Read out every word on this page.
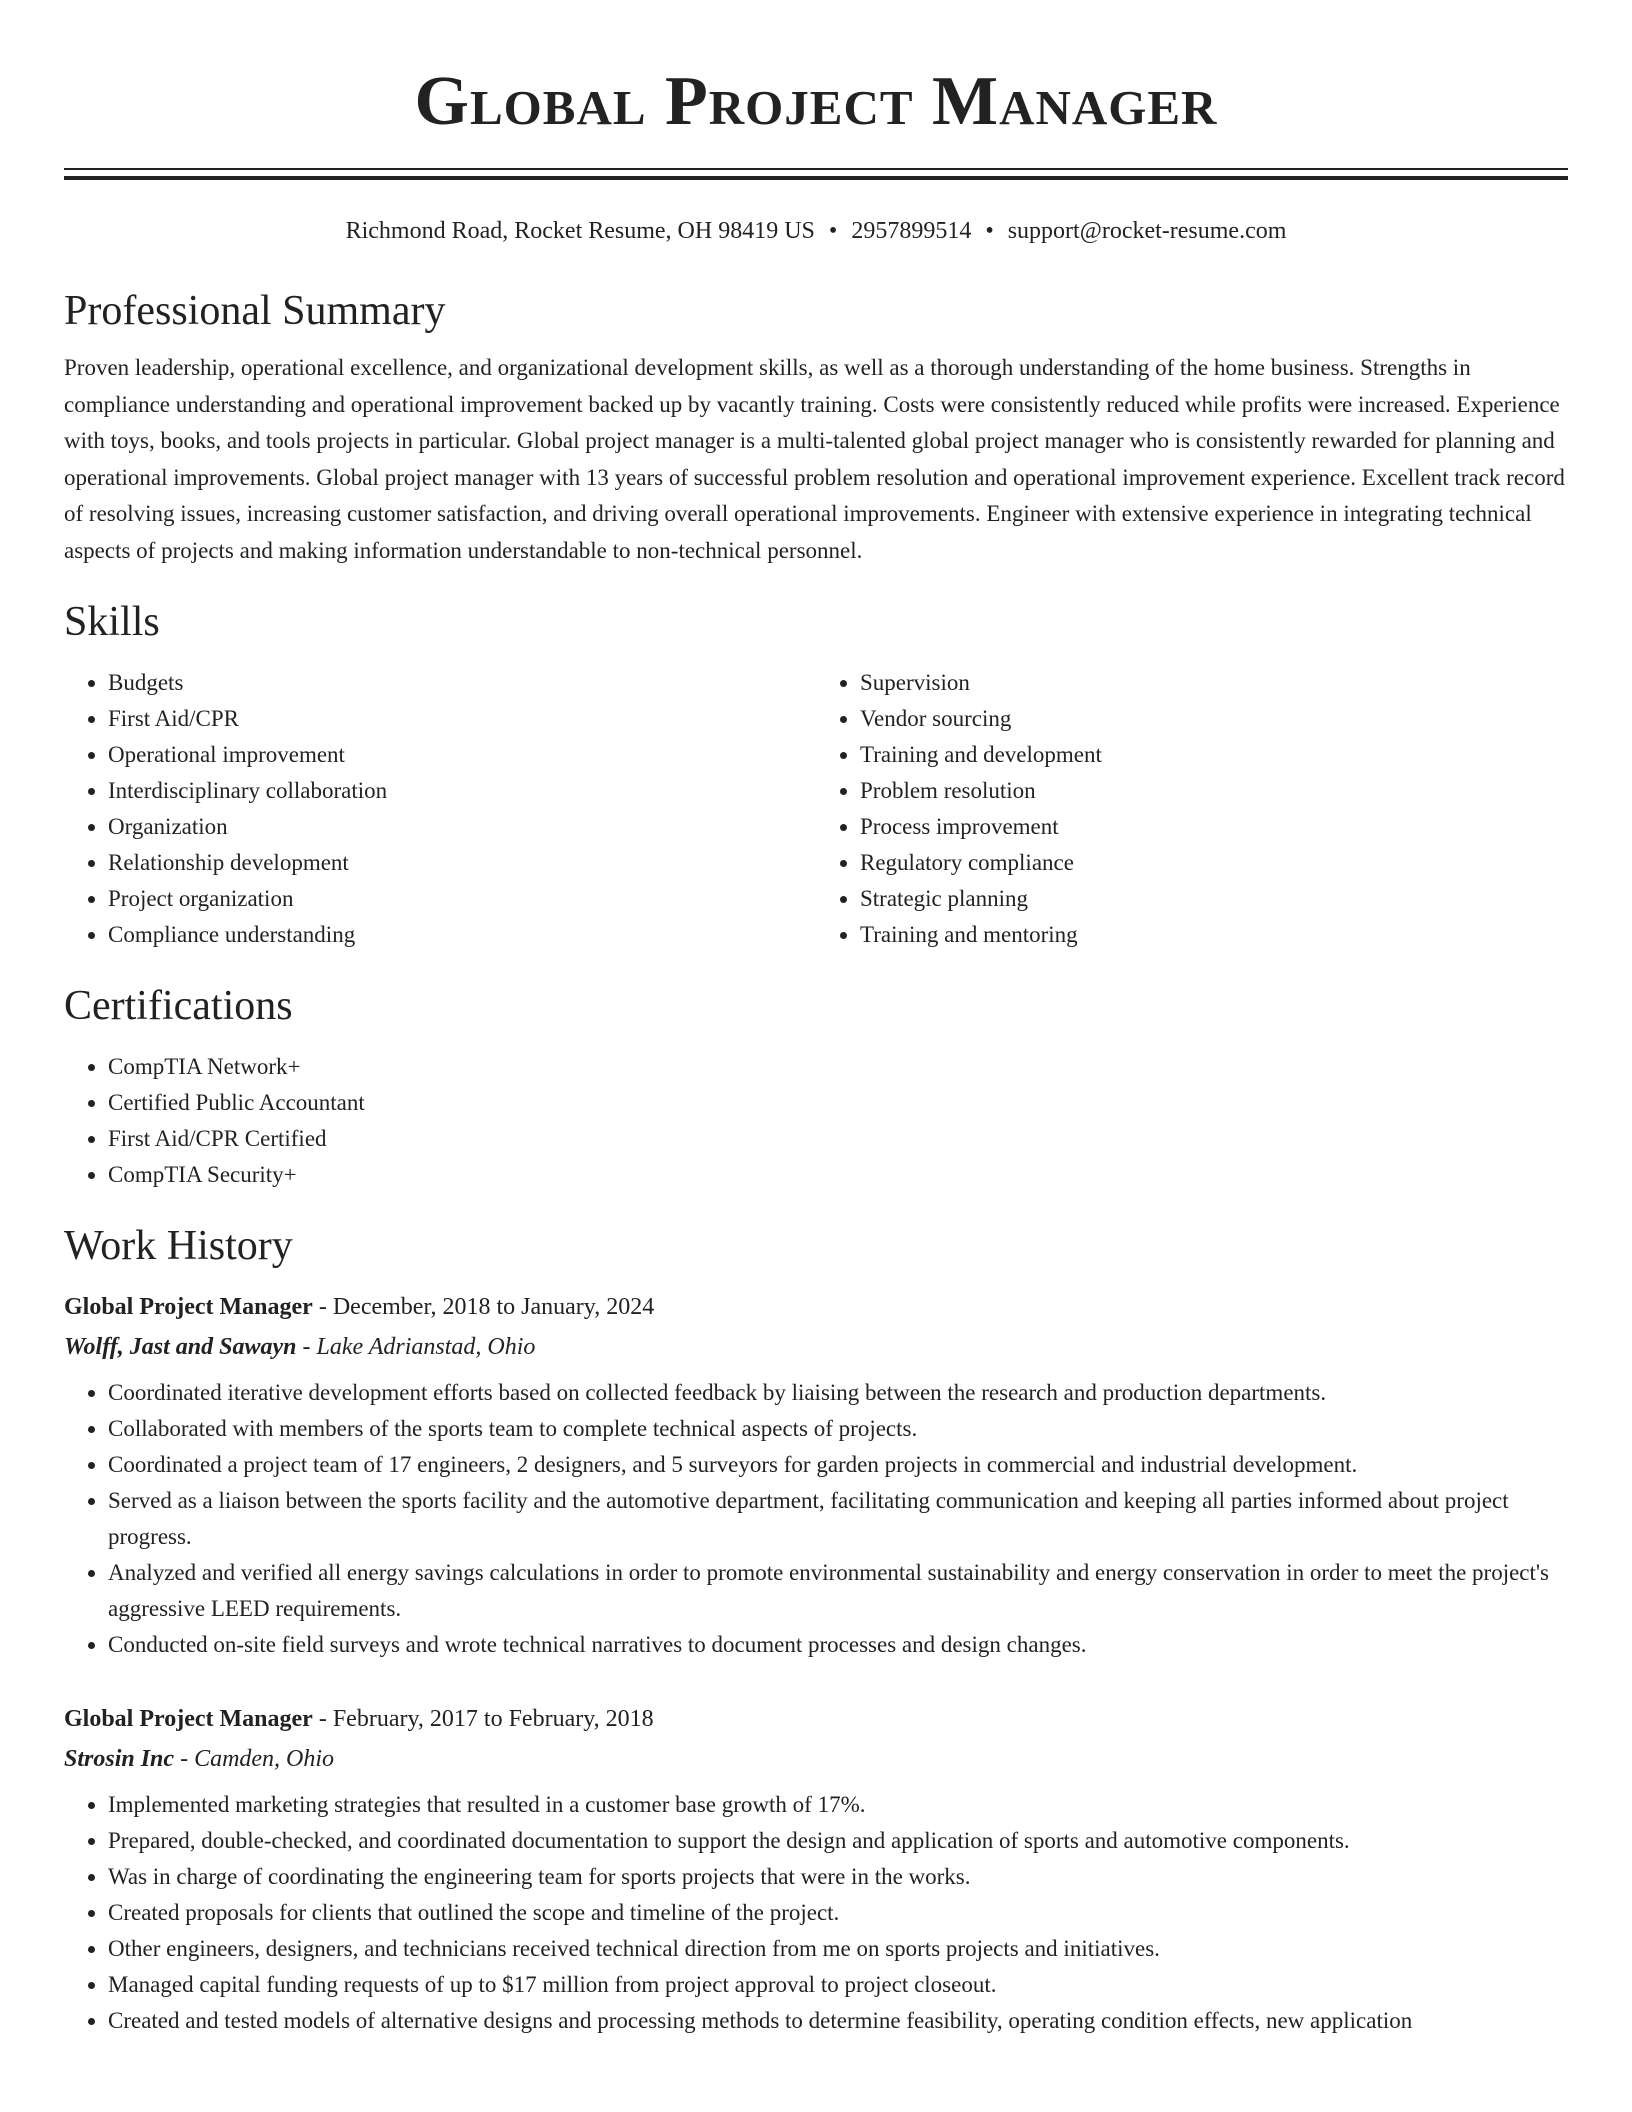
Global Project Manager
Richmond Road, Rocket Resume, OH 98419 US • 2957899514 • support@rocket-resume.com
Professional Summary

Proven leadership, operational excellence, and organizational development skills, as well as a thorough understanding of the home business. Strengths in compliance understanding and operational improvement backed up by vacantly training. Costs were consistently reduced while profits were increased. Experience with toys, books, and tools projects in particular. Global project manager is a multi-talented global project manager who is consistently rewarded for planning and operational improvements. Global project manager with 13 years of successful problem resolution and operational improvement experience. Excellent track record of resolving issues, increasing customer satisfaction, and driving overall operational improvements. Engineer with extensive experience in integrating technical aspects of projects and making information understandable to non-technical personnel.

Skills
• Budgets
• First Aid/CPR
• Operational improvement
• Interdisciplinary collaboration
• Organization
• Relationship development
• Project organization
• Compliance understanding
• Supervision
• Vendor sourcing
• Training and development
• Problem resolution
• Process improvement
• Regulatory compliance
• Strategic planning
• Training and mentoring
Certifications
• CompTIA Network+
• Certified Public Accountant
• First Aid/CPR Certified
• CompTIA Security+
Work History
Global Project Manager - December, 2018 to January, 2024
Wolff, Jast and Sawayn - Lake Adrianstad, Ohio
• Coordinated iterative development efforts based on collected feedback by liaising between the research and production departments.
• Collaborated with members of the sports team to complete technical aspects of projects.
• Coordinated a project team of 17 engineers, 2 designers, and 5 surveyors for garden projects in commercial and industrial development.
• Served as a liaison between the sports facility and the automotive department, facilitating communication and keeping all parties informed about project progress.
• Analyzed and verified all energy savings calculations in order to promote environmental sustainability and energy conservation in order to meet the project's aggressive LEED requirements.
• Conducted on-site field surveys and wrote technical narratives to document processes and design changes.
Global Project Manager - February, 2017 to February, 2018
Strosin Inc - Camden, Ohio
• Implemented marketing strategies that resulted in a customer base growth of 17%.
• Prepared, double-checked, and coordinated documentation to support the design and application of sports and automotive components.
• Was in charge of coordinating the engineering team for sports projects that were in the works.
• Created proposals for clients that outlined the scope and timeline of the project.
• Other engineers, designers, and technicians received technical direction from me on sports projects and initiatives.
• Managed capital funding requests of up to $17 million from project approval to project closeout.
• Created and tested models of alternative designs and processing methods to determine feasibility, operating condition effects, new application
